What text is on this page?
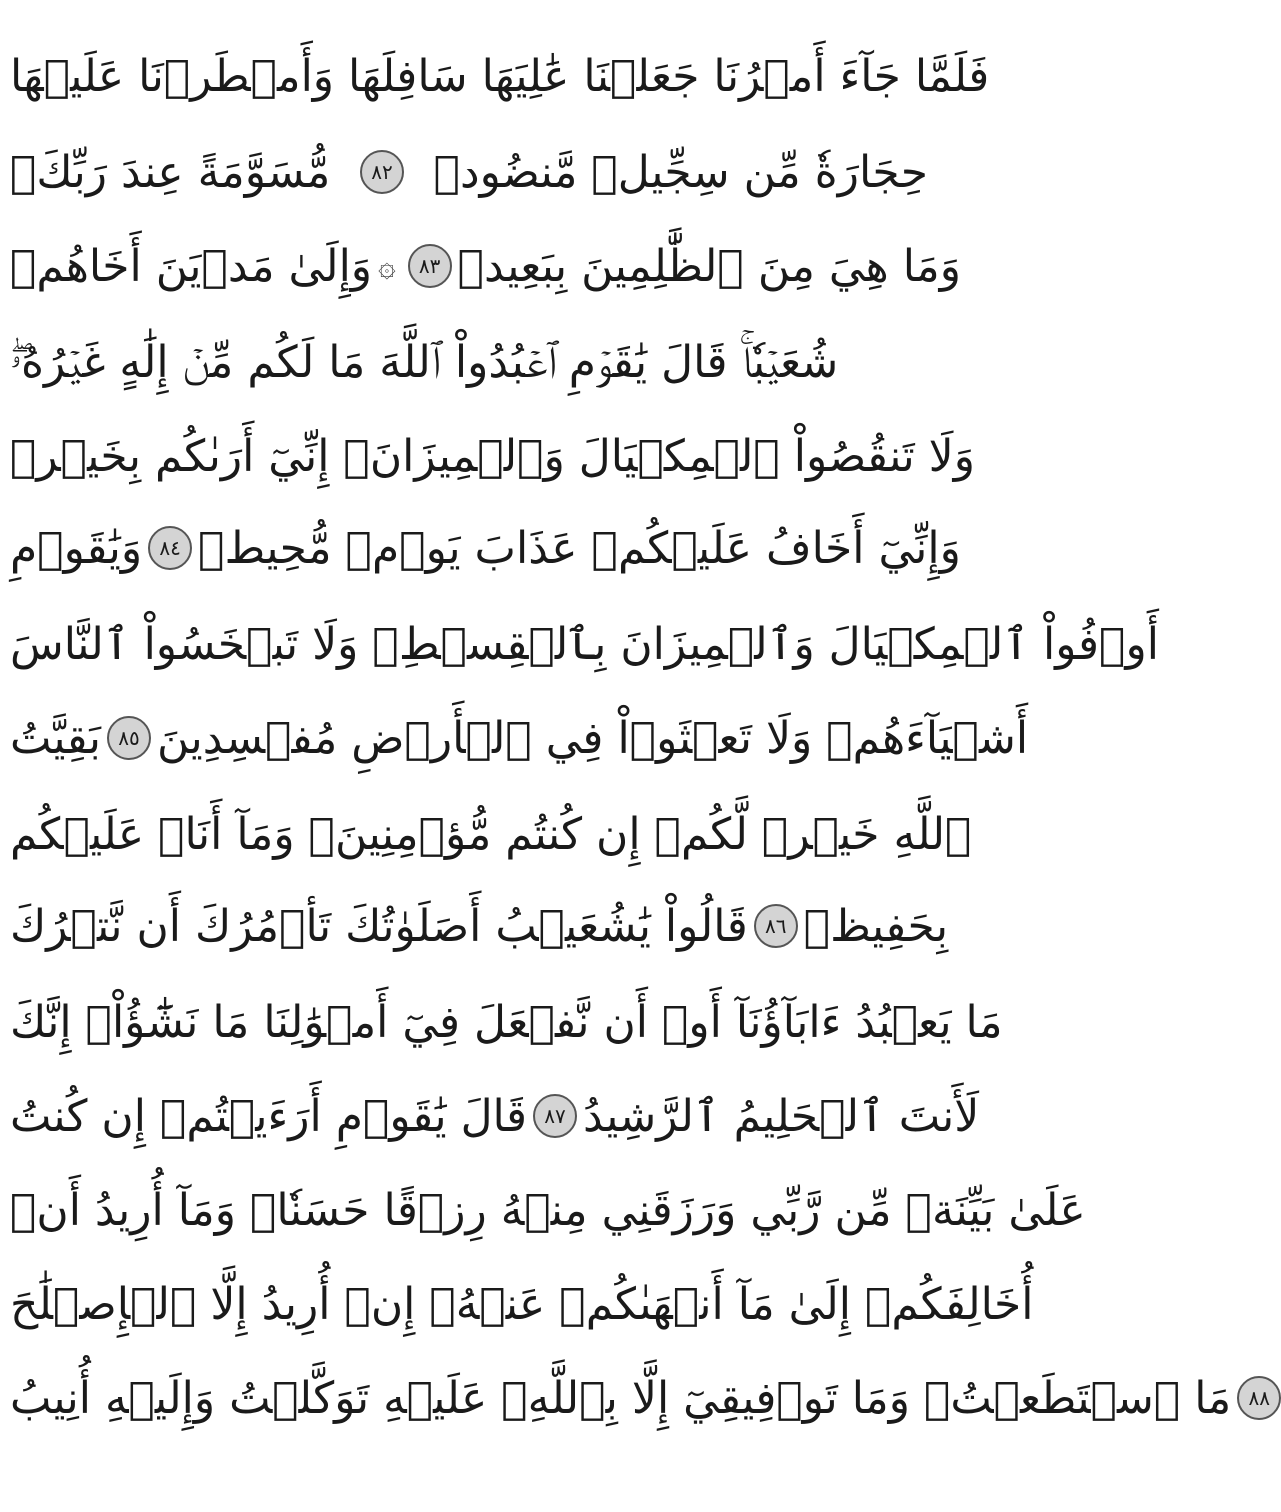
فَلَمَّا جَآءَ أَمۡرُنَا جَعَلۡنَا عَٰلِيَهَا سَافِلَهَا وَأَمۡطَرۡنَا عَلَيۡهَا
مُّسَوَّمَةً عِندَ رَبِّكَۖ	٨٢ حِجَارَةٗ مِّن سِجِّيلٖ مَّنضُودٖ
وَإِلَىٰ مَدۡيَنَ أَخَاهُمۡ ۞	٨٣ وَمَا هِيَ مِنَ ٱلظَّٰلِمِينَ بِبَعِيدٖ
شُعَيۡبٗاۚ قَالَ يَٰقَوۡمِ ٱعۡبُدُواْ ٱللَّهَ مَا لَكُم مِّنۡ إِلَٰهٍ غَيۡرُهُۥۖ
وَلَا تَنقُصُواْ ٱلۡمِكۡيَالَ وَٱلۡمِيزَانَۖ إِنِّيٓ أَرَىٰكُم بِخَيۡرٖ
وَيَٰقَوۡمِ ٨٤ وَإِنِّيٓ أَخَافُ عَلَيۡكُمۡ عَذَابَ يَوۡمٖ مُّحِيطٖ
أَوۡفُواْ ٱلۡمِكۡيَالَ وَٱلۡمِيزَانَ بِٱلۡقِسۡطِۖ وَلَا تَبۡخَسُواْ ٱلنَّاسَ
بَقِيَّتُ ٨٥ أَشۡيَآءَهُمۡ وَلَا تَعۡثَوۡاْ فِي ٱلۡأَرۡضِ مُفۡسِدِينَ
ٱللَّهِ خَيۡرٞ لَّكُمۡ إِن كُنتُم مُّؤۡمِنِينَۚ وَمَآ أَنَا۠ عَلَيۡكُم
قَالُواْ يَٰشُعَيۡبُ أَصَلَوٰتُكَ تَأۡمُرُكَ أَن نَّتۡرُكَ ٨٦ بِحَفِيظٖ
مَا يَعۡبُدُ ءَابَآؤُنَآ أَوۡ أَن نَّفۡعَلَ فِيٓ أَمۡوَٰلِنَا مَا نَشَٰٓؤُاْۖ إِنَّكَ
قَالَ يَٰقَوۡمِ أَرَءَيۡتُمۡ إِن كُنتُ ٨٧ لَأَنتَ ٱلۡحَلِيمُ ٱلرَّشِيدُ
عَلَىٰ بَيِّنَةٖ مِّن رَّبِّي وَرَزَقَنِي مِنۡهُ رِزۡقًا حَسَنٗاۚ وَمَآ أُرِيدُ أَنۡ
أُخَالِفَكُمۡ إِلَىٰ مَآ أَنۡهَىٰكُمۡ عَنۡهُۚ إِنۡ أُرِيدُ إِلَّا ٱلۡإِصۡلَٰحَ
مَا ٱسۡتَطَعۡتُۚ وَمَا تَوۡفِيقِيٓ إِلَّا بِٱللَّهِۚ عَلَيۡهِ تَوَكَّلۡتُ وَإِلَيۡهِ أُنِيبُ ٨٨
